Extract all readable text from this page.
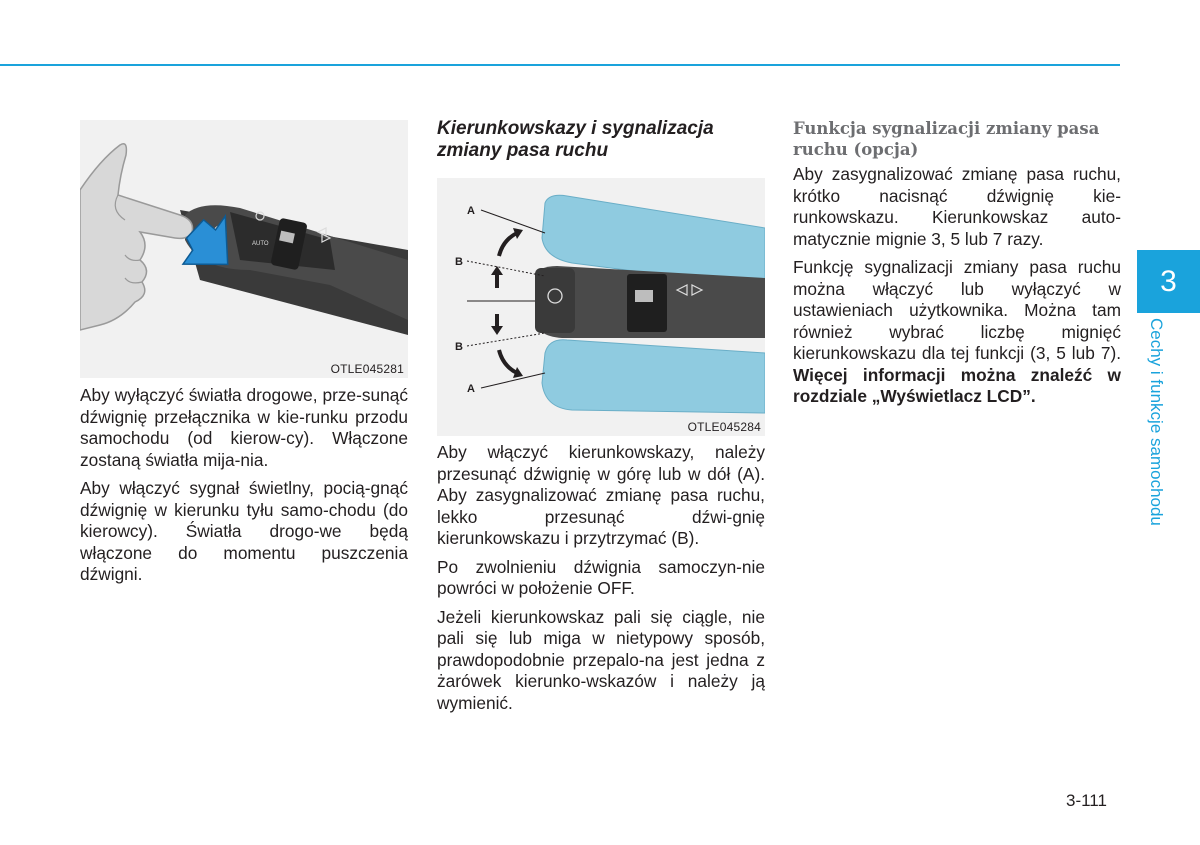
AUTO
OTLE045281

Aby wyłączyć światła drogowe, prze-sunąć dźwignię przełącznika w kie-runku przodu samochodu (od kierow-cy). Włączone zostaną światła mija-nia.

Aby włączyć sygnał świetlny, pocią-gnąć dźwignię w kierunku tyłu samo-chodu (do kierowcy). Światła drogo-we będą włączone do momentu puszczenia dźwigni.

Kierunkowskazy i sygnalizacja zmiany pasa ruchu
A
B
B
A
OTLE045284

Aby włączyć kierunkowskazy, należy przesunąć dźwignię w górę lub w dół (A). Aby zasygnalizować zmianę pasa ruchu, lekko przesunąć dźwi-gnię kierunkowskazu i przytrzymać (B).

Po zwolnieniu dźwignia samoczyn-nie powróci w położenie OFF.

Jeżeli kierunkowskaz pali się ciągle, nie pali się lub miga w nietypowy sposób, prawdopodobnie przepalo-na jest jedna z żarówek kierunko-wskazów i należy ją wymienić.

Funkcja sygnalizacji zmiany pasa ruchu (opcja)

Aby zasygnalizować zmianę pasa ruchu, krótko nacisnąć dźwignię kie-runkowskazu. Kierunkowskaz auto-matycznie mignie 3, 5 lub 7 razy.

Funkcję sygnalizacji zmiany pasa ruchu można włączyć lub wyłączyć w ustawieniach użytkownika. Można tam również wybrać liczbę mignięć kierunkowskazu dla tej funkcji (3, 5 lub 7). Więcej informacji można znaleźć w rozdziale „Wyświetlacz LCD”.

3
Cechy i funkcje samochodu
3-111
